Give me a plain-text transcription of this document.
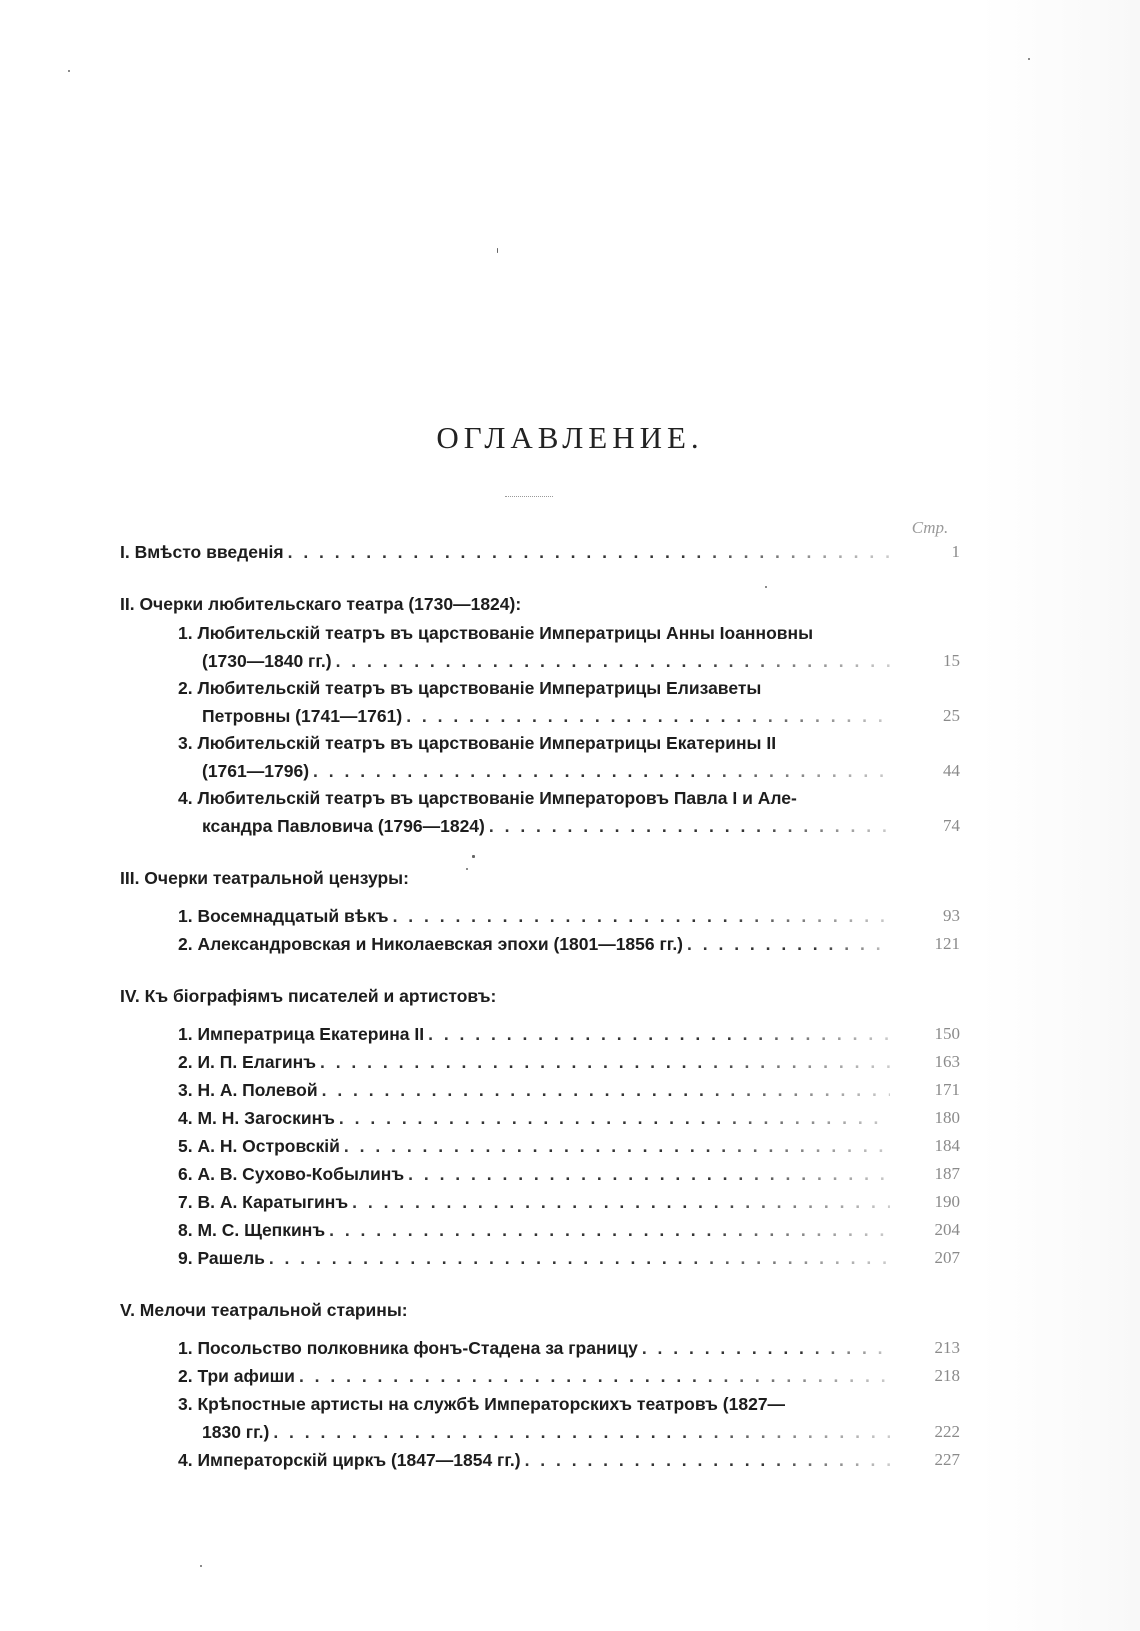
ОГЛАВЛЕНИЕ.
Стр.
I. Вмѣсто введенія . . .	1
II. Очерки любительскаго театра (1730—1824):
1. Любительскій театръ въ царствованіе Императрицы Анны Іоанновны
(1730—1840 гг.) . . .	15
2. Любительскій театръ въ царствованіе Императрицы Елизаветы
Петровны (1741—1761) . . .	25
3. Любительскій театръ въ царствованіе Императрицы Екатерины II
(1761—1796) . . .	44
4. Любительскій театръ въ царствованіе Императоровъ Павла I и Але-
ксандра Павловича (1796—1824) . . .	74
III. Очерки театральной цензуры:
1. Восемнадцатый вѣкъ . . .	93
2. Александровская и Николаевская эпохи (1801—1856 гг.) . . .	121
IV. Къ біографіямъ писателей и артистовъ:
1. Императрица Екатерина II . . .	150
2. И. П. Елагинъ . . .	163
3. Н. А. Полевой . . .	171
4. М. Н. Загоскинъ . . .	180
5. А. Н. Островскій . . .	184
6. А. В. Сухово-Кобылинъ . . .	187
7. В. А. Каратыгинъ . . .	190
8. М. С. Щепкинъ . . .	204
9. Рашель . . .	207
V. Мелочи театральной старины:
1. Посольство полковника фонъ-Стадена за границу . . .	213
2. Три афиши . . .	218
3. Крѣпостные артисты на службѣ Императорскихъ театровъ (1827—
1830 гг.) . . .	222
4. Императорскій циркъ (1847—1854 гг.) . . .	227
